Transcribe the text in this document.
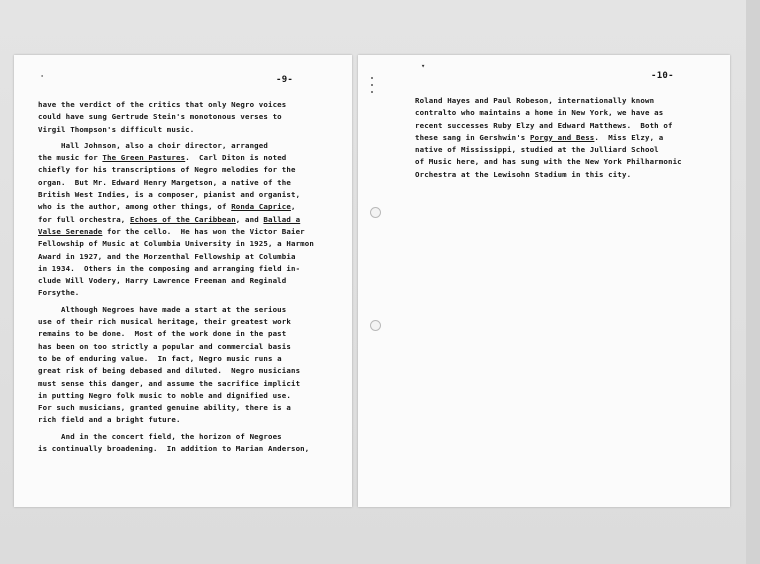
'	-9-
have the verdict of the critics that only Negro voices
could have sung Gertrude Stein's monotonous verses to
Virgil Thompson's difficult music.
Hall Johnson, also a choir director, arranged
the music for The Green Pastures.  Carl Diton is noted
chiefly for his transcriptions of Negro melodies for the
organ.  But Mr. Edward Henry Margetson, a native of the
British West Indies, is a composer, pianist and organist,
who is the author, among other things, of Ronda Caprice,
for full orchestra, Echoes of the Caribbean, and Ballad a
Valse Serenade for the cello.  He has won the Victor Baier
Fellowship of Music at Columbia University in 1925, a Harmon
Award in 1927, and the Morzenthal Fellowship at Columbia
in 1934.  Others in the composing and arranging field in-
clude Will Vodery, Harry Lawrence Freeman and Reginald
Forsythe.
Although Negroes have made a start at the serious
use of their rich musical heritage, their greatest work
remains to be done.  Most of the work done in the past
has been on too strictly a popular and commercial basis
to be of enduring value.  In fact, Negro music runs a
great risk of being debased and diluted.  Negro musicians
must sense this danger, and assume the sacrifice implicit
in putting Negro folk music to noble and dignified use.
For such musicians, granted genuine ability, there is a
rich field and a bright future.
And in the concert field, the horizon of Negroes
is continually broadening.  In addition to Marian Anderson,
▾
-10-
Roland Hayes and Paul Robeson, internationally known
contralto who maintains a home in New York, we have as
recent successes Ruby Elzy and Edward Matthews.  Both of
these sang in Gershwin's Porgy and Bess.  Miss Elzy, a
native of Mississippi, studied at the Julliard School
of Music here, and has sung with the New York Philharmonic
Orchestra at the Lewisohn Stadium in this city.
